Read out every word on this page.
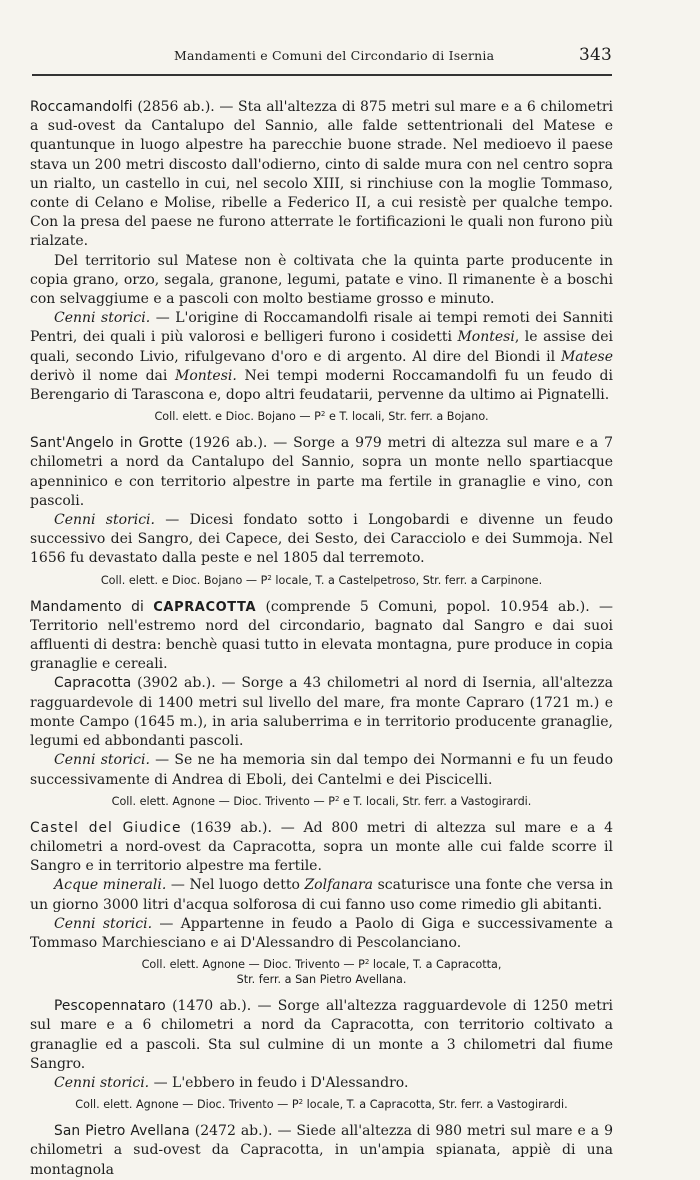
Mandamenti e Comuni del Circondario di Isernia	343

Roccamandolfi (2856 ab.). — Sta all'altezza di 875 metri sul mare e a 6 chilometri a sud-ovest da Cantalupo del Sannio, alle falde settentrionali del Matese e quantunque in luogo alpestre ha parecchie buone strade. Nel medioevo il paese stava un 200 metri discosto dall'odierno, cinto di salde mura con nel centro sopra un rialto, un castello in cui, nel secolo XIII, si rinchiuse con la moglie Tommaso, conte di Celano e Molise, ribelle a Federico II, a cui resistè per qualche tempo. Con la presa del paese ne furono atterrate le fortificazioni le quali non furono più rialzate.

Del territorio sul Matese non è coltivata che la quinta parte producente in copia grano, orzo, segala, granone, legumi, patate e vino. Il rimanente è a boschi con selvaggiume e a pascoli con molto bestiame grosso e minuto.

Cenni storici. — L'origine di Roccamandolfi risale ai tempi remoti dei Sanniti Pentri, dei quali i più valorosi e belligeri furono i cosidetti Montesi, le assise dei quali, secondo Livio, rifulgevano d'oro e di argento. Al dire del Biondi il Matese derivò il nome dai Montesi. Nei tempi moderni Roccamandolfi fu un feudo di Berengario di Tarascona e, dopo altri feudatarii, pervenne da ultimo ai Pignatelli.

Coll. elett. e Dioc. Bojano — $P^2$ e T. locali, Str. ferr. a Bojano.

Sant'Angelo in Grotte (1926 ab.). — Sorge a 979 metri di altezza sul mare e a 7 chilometri a nord da Cantalupo del Sannio, sopra un monte nello spartiacque apenninico e con territorio alpestre in parte ma fertile in granaglie e vino, con pascoli.

Cenni storici. — Dicesi fondato sotto i Longobardi e divenne un feudo successivo dei Sangro, dei Capece, dei Sesto, dei Caracciolo e dei Summoja. Nel 1656 fu devastato dalla peste e nel 1805 dal terremoto.

Coll. elett. e Dioc. Bojano — $P^2$ locale, T. a Castelpetroso, Str. ferr. a Carpinone.

Mandamento di CAPRACOTTA (comprende 5 Comuni, popol. 10.954 ab.). — Territorio nell'estremo nord del circondario, bagnato dal Sangro e dai suoi affluenti di destra: benchè quasi tutto in elevata montagna, pure produce in copia granaglie e cereali.

Capracotta (3902 ab.). — Sorge a 43 chilometri al nord di Isernia, all'altezza ragguardevole di 1400 metri sul livello del mare, fra monte Capraro (1721 m.) e monte Campo (1645 m.), in aria saluberrima e in territorio producente granaglie, legumi ed abbondanti pascoli.

Cenni storici. — Se ne ha memoria sin dal tempo dei Normanni e fu un feudo successivamente di Andrea di Eboli, dei Cantelmi e dei Piscicelli.

Coll. elett. Agnone — Dioc. Trivento — $P^2$ e T. locali, Str. ferr. a Vastogirardi.

Castel del Giudice (1639 ab.). — Ad 800 metri di altezza sul mare e a 4 chilometri a nord-ovest da Capracotta, sopra un monte alle cui falde scorre il Sangro e in territorio alpestre ma fertile.

Acque minerali. — Nel luogo detto Zolfanara scaturisce una fonte che versa in un giorno 3000 litri d'acqua solforosa di cui fanno uso come rimedio gli abitanti.

Cenni storici. — Appartenne in feudo a Paolo di Giga e successivamente a Tommaso Marchiesciano e ai D'Alessandro di Pescolanciano.

Coll. elett. Agnone — Dioc. Trivento — $P^2$ locale, T. a Capracotta,
Str. ferr. a San Pietro Avellana.

Pescopennataro (1470 ab.). — Sorge all'altezza ragguardevole di 1250 metri sul mare e a 6 chilometri a nord da Capracotta, con territorio coltivato a granaglie ed a pascoli. Sta sul culmine di un monte a 3 chilometri dal fiume Sangro.

Cenni storici. — L'ebbero in feudo i D'Alessandro.

Coll. elett. Agnone — Dioc. Trivento — $P^2$ locale, T. a Capracotta, Str. ferr. a Vastogirardi.

San Pietro Avellana (2472 ab.). — Siede all'altezza di 980 metri sul mare e a 9 chilometri a sud-ovest da Capracotta, in un'ampia spianata, appiè di una montagnola
